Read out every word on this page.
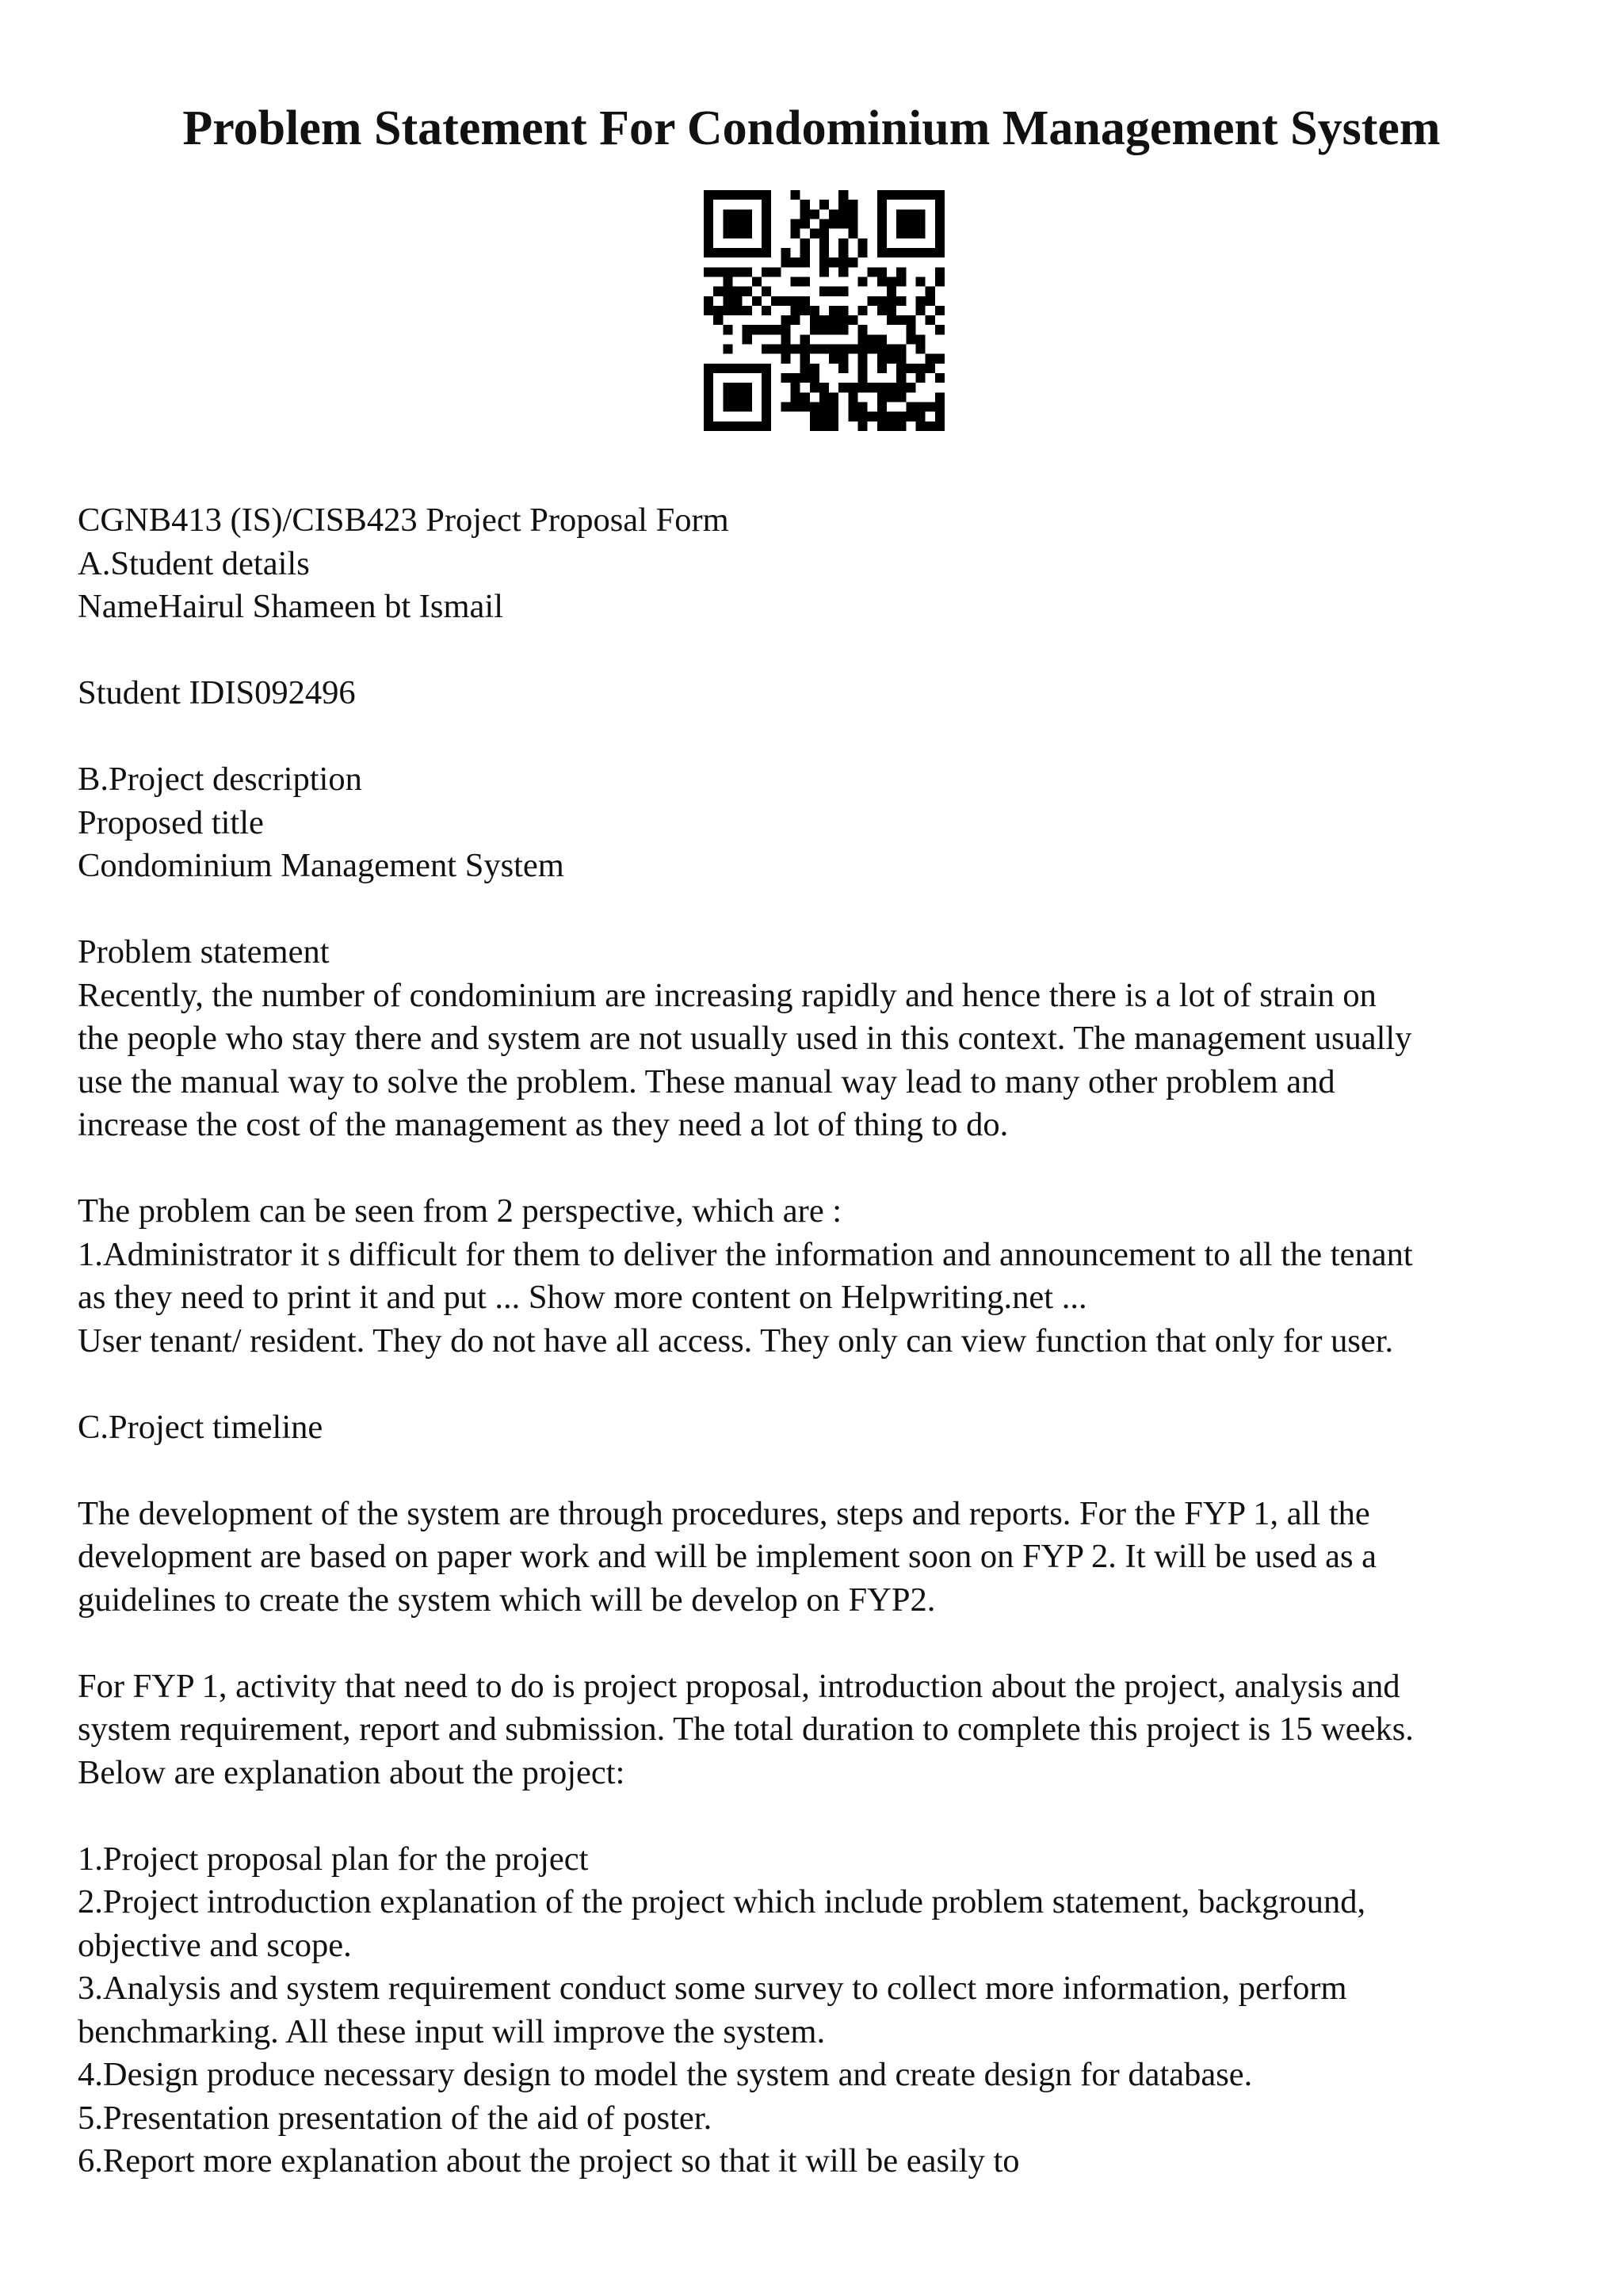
Problem Statement For Condominium Management System
CGNB413 (IS)/CISB423 Project Proposal Form
A.Student details
NameHairul Shameen bt Ismail
Student IDIS092496
B.Project description
Proposed title
Condominium Management System
Problem statement
Recently, the number of condominium are increasing rapidly and hence there is a lot of strain on
the people who stay there and system are not usually used in this context. The management usually
use the manual way to solve the problem. These manual way lead to many other problem and
increase the cost of the management as they need a lot of thing to do.
The problem can be seen from 2 perspective, which are :
1.Administrator it s difficult for them to deliver the information and announcement to all the tenant
as they need to print it and put ... Show more content on Helpwriting.net ...
User tenant/ resident. They do not have all access. They only can view function that only for user.
C.Project timeline
The development of the system are through procedures, steps and reports. For the FYP 1, all the
development are based on paper work and will be implement soon on FYP 2. It will be used as a
guidelines to create the system which will be develop on FYP2.
For FYP 1, activity that need to do is project proposal, introduction about the project, analysis and
system requirement, report and submission. The total duration to complete this project is 15 weeks.
Below are explanation about the project:
1.Project proposal plan for the project
2.Project introduction explanation of the project which include problem statement, background,
objective and scope.
3.Analysis and system requirement conduct some survey to collect more information, perform
benchmarking. All these input will improve the system.
4.Design produce necessary design to model the system and create design for database.
5.Presentation presentation of the aid of poster.
6.Report more explanation about the project so that it will be easily to
